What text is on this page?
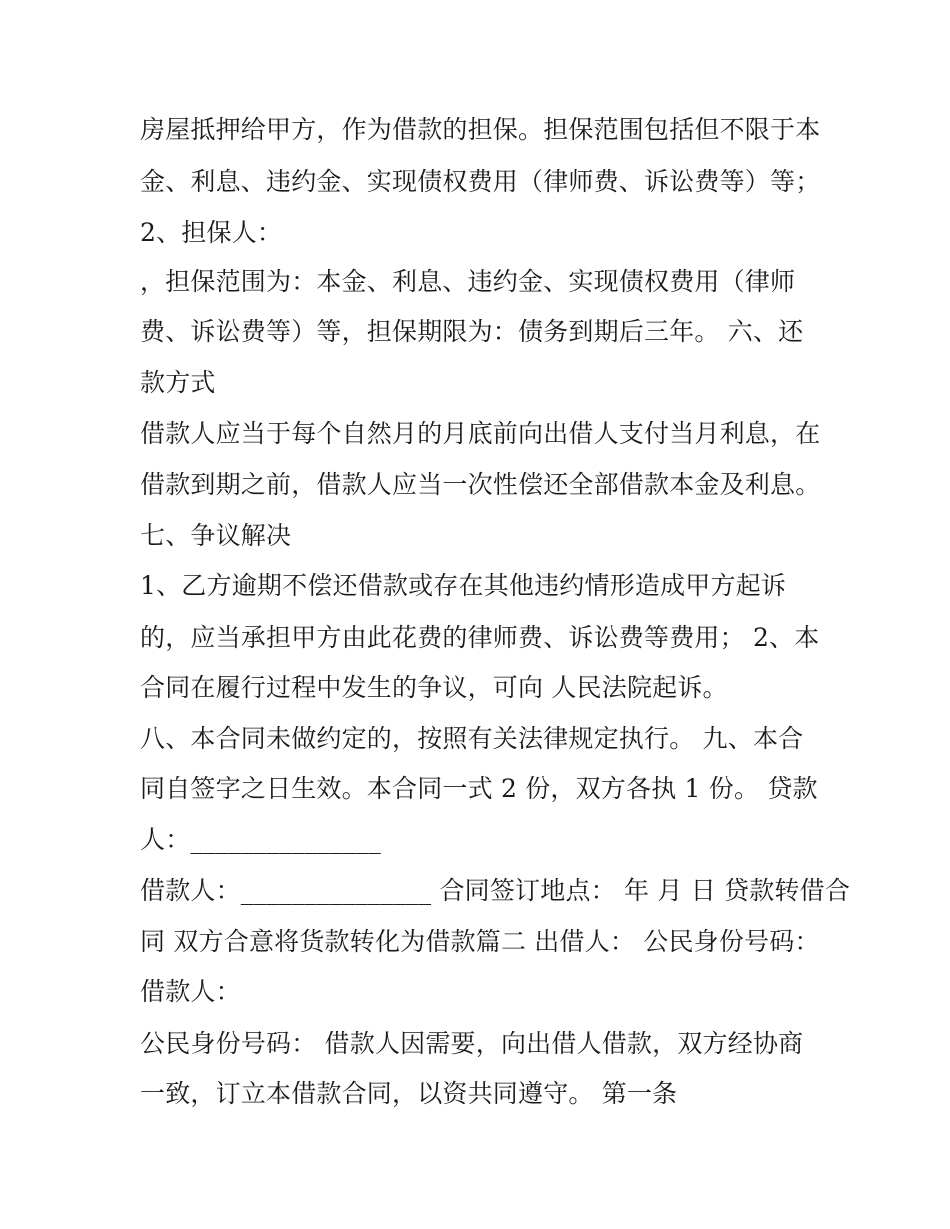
房屋抵押给甲方，作为借款的担保。担保范围包括但不限于本
金、利息、违约金、实现债权费用（律师费、诉讼费等）等；
2、担保人：
，担保范围为：本金、利息、违约金、实现债权费用（律师
费、诉讼费等）等，担保期限为：债务到期后三年。 六、还
款方式
借款人应当于每个自然月的月底前向出借人支付当月利息，在
借款到期之前，借款人应当一次性偿还全部借款本金及利息。
七、争议解决
1、乙方逾期不偿还借款或存在其他违约情形造成甲方起诉
的，应当承担甲方由此花费的律师费、诉讼费等费用； 2、本
合同在履行过程中发生的争议，可向 人民法院起诉。
八、本合同未做约定的，按照有关法律规定执行。 九、本合
同自签字之日生效。本合同一式 2 份，双方各执 1 份。 贷款
人：_______________
借款人：_______________ 合同签订地点： 年 月 日 贷款转借合
同 双方合意将货款转化为借款篇二 出借人： 公民身份号码：
借款人：
公民身份号码： 借款人因需要，向出借人借款，双方经协商
一致，订立本借款合同，以资共同遵守。 第一条
